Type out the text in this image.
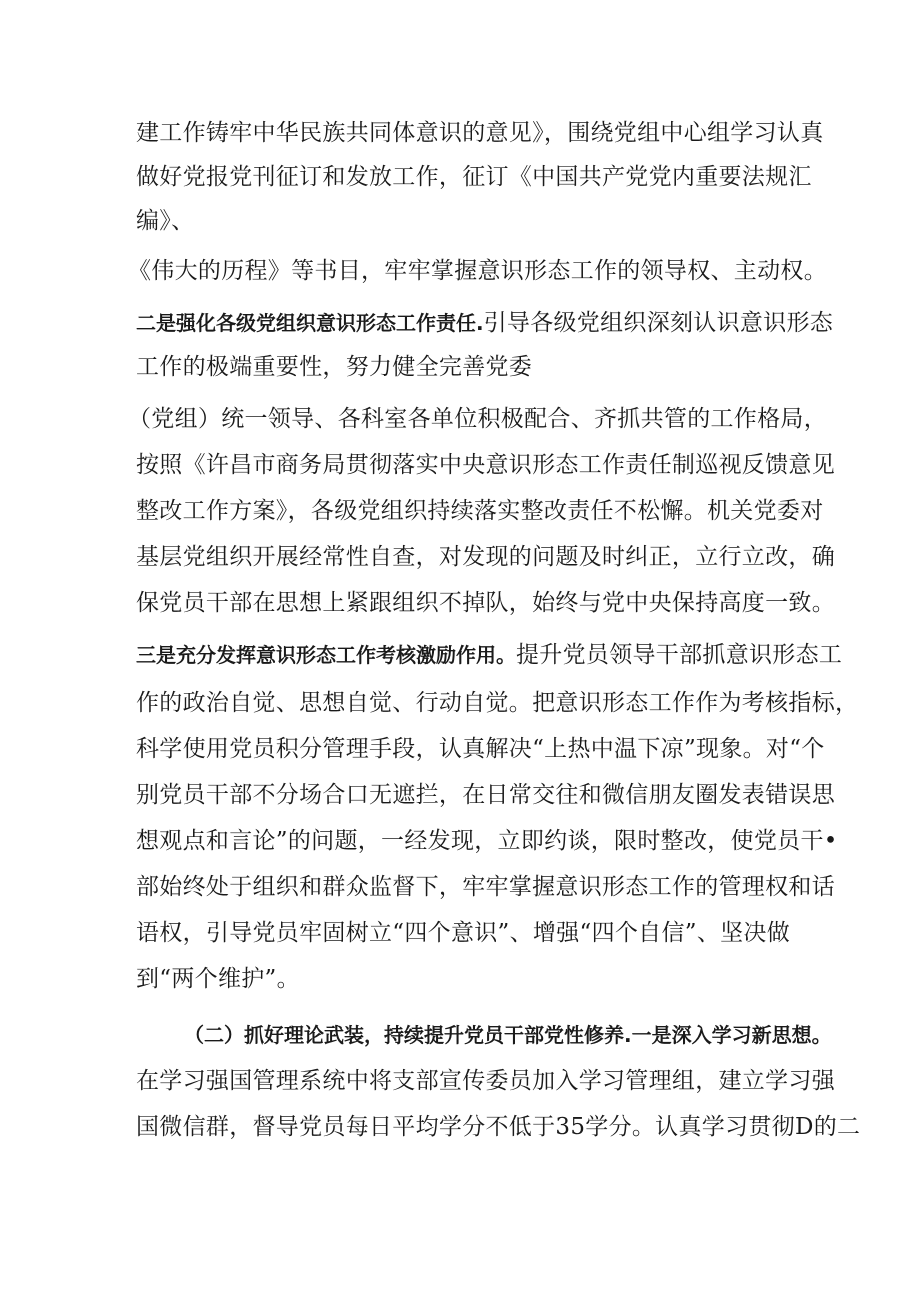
建工作铸牢中华民族共同体意识的意见》，围绕党组中心组学习认真
做好党报党刊征订和发放工作，征订《中国共产党党内重要法规汇
编》、
《伟大的历程》等书目，牢牢掌握意识形态工作的领导权、主动权。
二是强化各级党组织意识形态工作责任.引导各级党组织深刻认识意识形态
工作的极端重要性，努力健全完善党委
（党组）统一领导、各科室各单位积极配合、齐抓共管的工作格局，
按照《许昌市商务局贯彻落实中央意识形态工作责任制巡视反馈意见
整改工作方案》，各级党组织持续落实整改责任不松懈。机关党委对
基层党组织开展经常性自查，对发现的问题及时纠正，立行立改，确
保党员干部在思想上紧跟组织不掉队，始终与党中央保持高度一致。
三是充分发挥意识形态工作考核激励作用。提升党员领导干部抓意识形态工
作的政治自觉、思想自觉、行动自觉。把意识形态工作作为考核指标，
科学使用党员积分管理手段，认真解决“上热中温下凉”现象。对“个
别党员干部不分场合口无遮拦，在日常交往和微信朋友圈发表错误思
想观点和言论”的问题，一经发现，立即约谈，限时整改，使党员干•
部始终处于组织和群众监督下，牢牢掌握意识形态工作的管理权和话
语权，引导党员牢固树立“四个意识”、增强“四个自信”、坚决做
到“两个维护”。
（二）抓好理论武装，持续提升党员干部党性修养.一是深入学习新思想。
在学习强国管理系统中将支部宣传委员加入学习管理组，建立学习强
国微信群，督导党员每日平均学分不低于35学分。认真学习贯彻D的二
